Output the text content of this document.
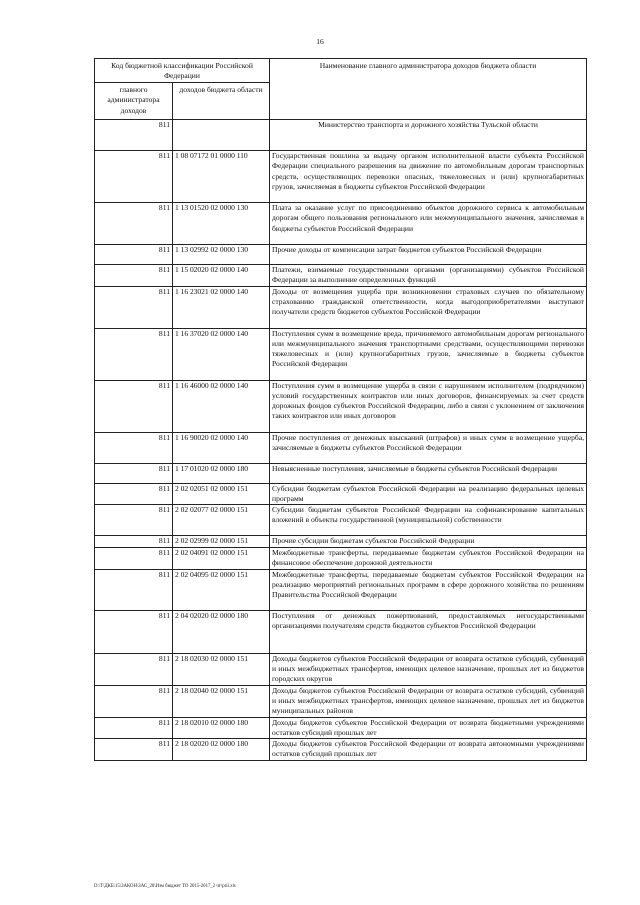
16
Код бюджетной классификации Российской Федерации		Наименование главного администратора доходов бюджета области
главного администратора доходов	доходов бюджета области	
811		Министерство транспорта и дорожного хозяйства Тульской области
811	1 08 07172 01 0000 110	Государственная пошлина за выдачу органом исполнительной власти субъекта Российской Федерации специального разрешения на движение по автомобильным дорогам транспортных средств, осуществляющих перевозки опасных, тяжеловесных и (или) крупногабаритных грузов, зачисляемая в бюджеты субъектов Российской Федерации
811	1 13 01520 02 0000 130	Плата за оказание услуг по присоединению объектов дорожного сервиса к автомобильным дорогам общего пользования регионального или межмуниципального значения, зачисляемая в бюджеты субъектов Российской Федерации
811	1 13 02992 02 0000 130	Прочие доходы от компенсации затрат бюджетов субъектов Российской Федерации
811	1 15 02020 02 0000 140	Платежи, взимаемые государственными органами (организациями) субъектов Российской Федерации за выполнение определенных функций
811	1 16 23021 02 0000 140	Доходы от возмещения ущерба при возникновении страховых случаев по обязательному страхованию гражданской ответственности, когда выгодоприобретателями выступают получатели средств бюджетов субъектов Российской Федерации
811	1 16 37020 02 0000 140	Поступления сумм в возмещение вреда, причиняемого автомобильным дорогам регионального или межмуниципального значения транспортными средствами, осуществляющими перевозки тяжеловесных и (или) крупногабаритных грузов, зачисляемые в бюджеты субъектов Российской Федерации
811	1 16 46000 02 0000 140	Поступления сумм в возмещение ущерба в связи с нарушением исполнителем (подрядчиком) условий государственных контрактов или иных договоров, финансируемых за счет средств дорожных фондов субъектов Российской Федерации, либо в связи с уклонением от заключения таких контрактов или иных договоров
811	1 16 90020 02 0000 140	Прочие поступления от денежных взысканий (штрафов) и иных сумм в возмещение ущерба, зачисляемые в бюджеты субъектов Российской Федерации
811	1 17 01020 02 0000 180	Невыясненные поступления, зачисляемые в бюджеты субъектов Российской Федерации
811	2 02 02051 02 0000 151	Субсидии бюджетам субъектов Российской Федерации на реализацию федеральных целевых программ
811	2 02 02077 02 0000 151	Субсидии бюджетам субъектов Российской Федерации на софинансирование капитальных вложений в объекты государственной (муниципальной) собственности
811	2 02 02999 02 0000 151	Прочие субсидии бюджетам субъектов Российской Федерации
811	2 02 04091 02 0000 151	Межбюджетные трансферты, передаваемые бюджетам субъектов Российской Федерации на финансовое обеспечение дорожной деятельности
811	2 02 04095 02 0000 151	Межбюджетные трансферты, передаваемые бюджетам субъектов Российской Федерации на реализацию мероприятий региональных программ в сфере дорожного хозяйства по решениям Правительства Российской Федерации
811	2 04 02020 02 0000 180	Поступления от денежных пожертвований, предоставляемых негосударственными организациями получателям средств бюджетов субъектов Российской Федерации
811	2 18 02030 02 0000 151	Доходы бюджетов субъектов Российской Федерации от возврата остатков субсидий, субвенций и иных межбюджетных трансфертов, имеющих целевое назначение, прошлых лет из бюджетов городских округов
811	2 18 02040 02 0000 151	Доходы бюджетов субъектов Российской Федерации от возврата остатков субсидий, субвенций и иных межбюджетных трансфертов, имеющих целевое назначение, прошлых лет из бюджетов муниципальных районов
811	2 18 02010 02 0000 180	Доходы бюджетов субъектов Российской Федерации от возврата бюджетными учреждениями остатков субсидий прошлых лет
811	2 18 02020 02 0000 180	Доходы бюджетов субъектов Российской Федерации от возврата автономными учреждениями остатков субсидий прошлых лет
D:\T\ДКБ\15\ЗАКОН\ЗАС_20\Изм бюджет ТО 2015-2017_2 чт\pril.xls
